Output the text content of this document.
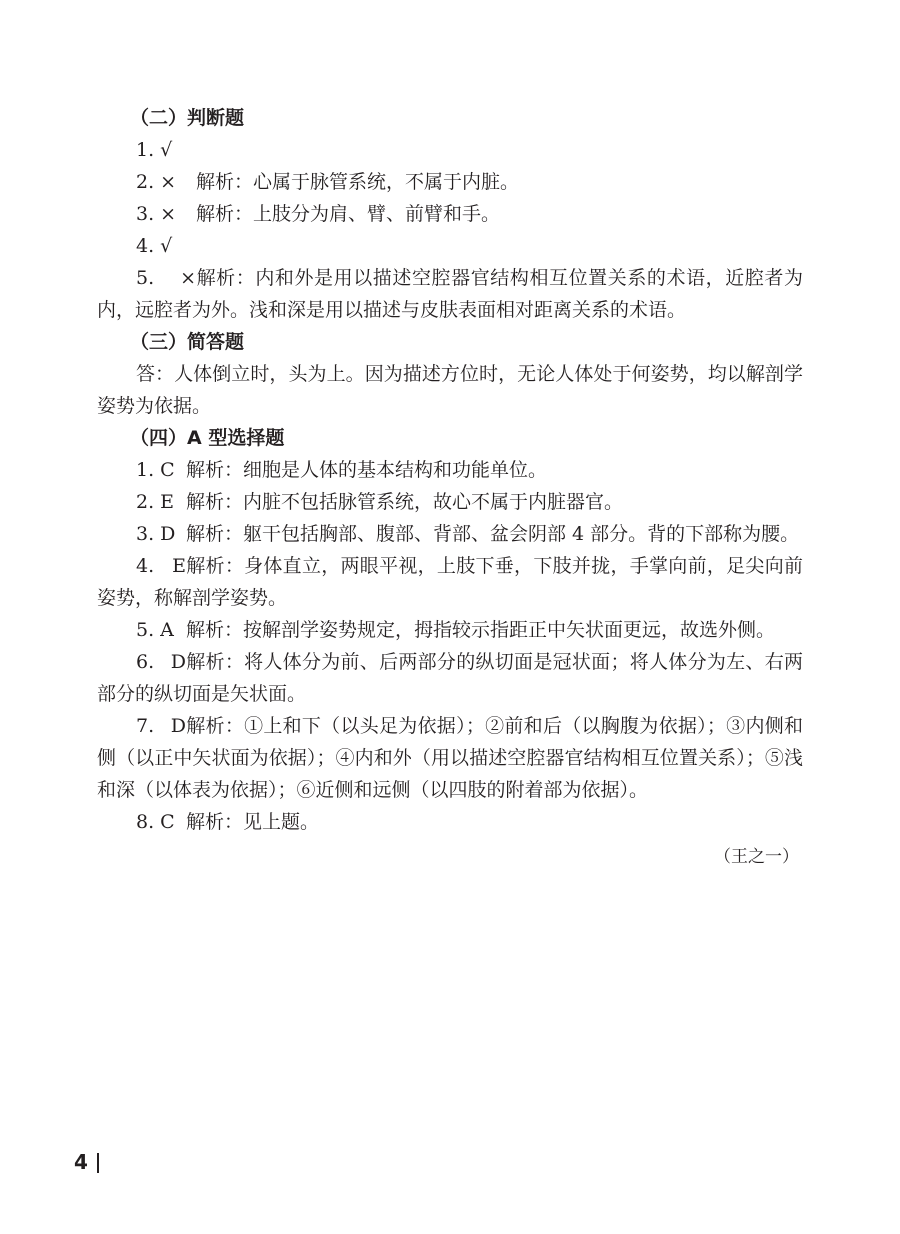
（二）判断题
1. √
2. × 解析：心属于脉管系统，不属于内脏。
3. × 解析：上肢分为肩、臂、前臂和手。
4. √
5. ×解析：内和外是用以描述空腔器官结构相互位置关系的术语，近腔者为
内，远腔者为外。浅和深是用以描述与皮肤表面相对距离关系的术语。
（三）简答题
答：人体倒立时，头为上。因为描述方位时，无论人体处于何姿势，均以解剖学
姿势为依据。
（四）A 型选择题
1. C 解析：细胞是人体的基本结构和功能单位。
2. E 解析：内脏不包括脉管系统，故心不属于内脏器官。
3. D 解析：躯干包括胸部、腹部、背部、盆会阴部 4 部分。背的下部称为腰。
4. E解析：身体直立，两眼平视，上肢下垂，下肢并拢，手掌向前，足尖向前
姿势，称解剖学姿势。
5. A 解析：按解剖学姿势规定，拇指较示指距正中矢状面更远，故选外侧。
6. D解析：将人体分为前、后两部分的纵切面是冠状面；将人体分为左、右两
部分的纵切面是矢状面。
7. D解析：①上和下（以头足为依据）；②前和后（以胸腹为依据）；③内侧和
侧（以正中矢状面为依据）；④内和外（用以描述空腔器官结构相互位置关系）；⑤浅
和深（以体表为依据）；⑥近侧和远侧（以四肢的附着部为依据）。
8. C 解析：见上题。
（王之一）
4
